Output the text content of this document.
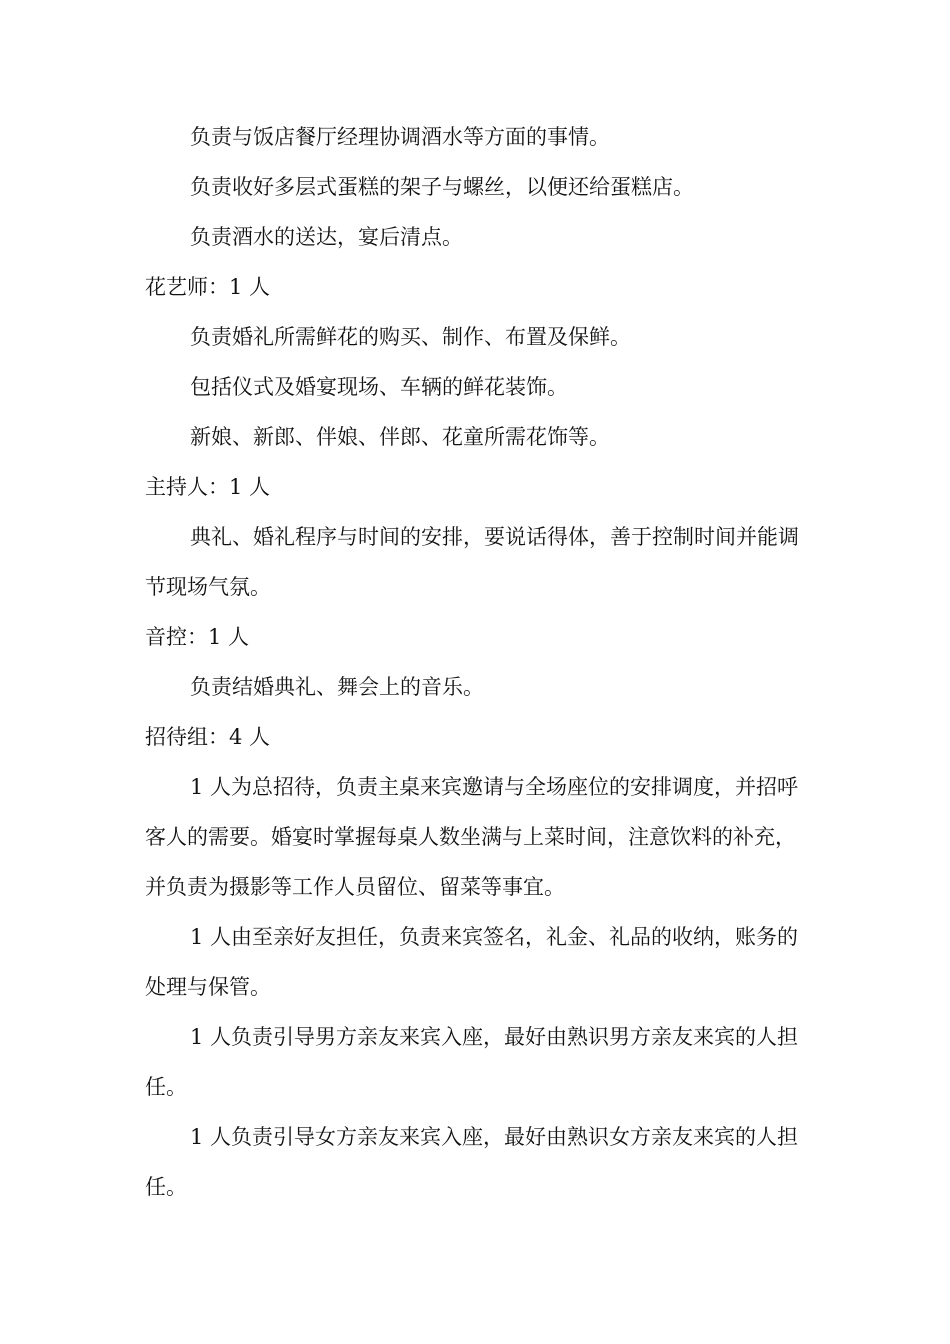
负责与饭店餐厅经理协调酒水等方面的事情。
负责收好多层式蛋糕的架子与螺丝，以便还给蛋糕店。
负责酒水的送达，宴后清点。
花艺师：1 人
负责婚礼所需鲜花的购买、制作、布置及保鲜。
包括仪式及婚宴现场、车辆的鲜花装饰。
新娘、新郎、伴娘、伴郎、花童所需花饰等。
主持人：1 人
典礼、婚礼程序与时间的安排，要说话得体，善于控制时间并能调
节现场气氛。
音控：1 人
负责结婚典礼、舞会上的音乐。
招待组：4 人
1 人为总招待，负责主桌来宾邀请与全场座位的安排调度，并招呼
客人的需要。婚宴时掌握每桌人数坐满与上菜时间，注意饮料的补充，
并负责为摄影等工作人员留位、留菜等事宜。
1 人由至亲好友担任，负责来宾签名，礼金、礼品的收纳，账务的
处理与保管。
1 人负责引导男方亲友来宾入座，最好由熟识男方亲友来宾的人担
任。
1 人负责引导女方亲友来宾入座，最好由熟识女方亲友来宾的人担
任。
